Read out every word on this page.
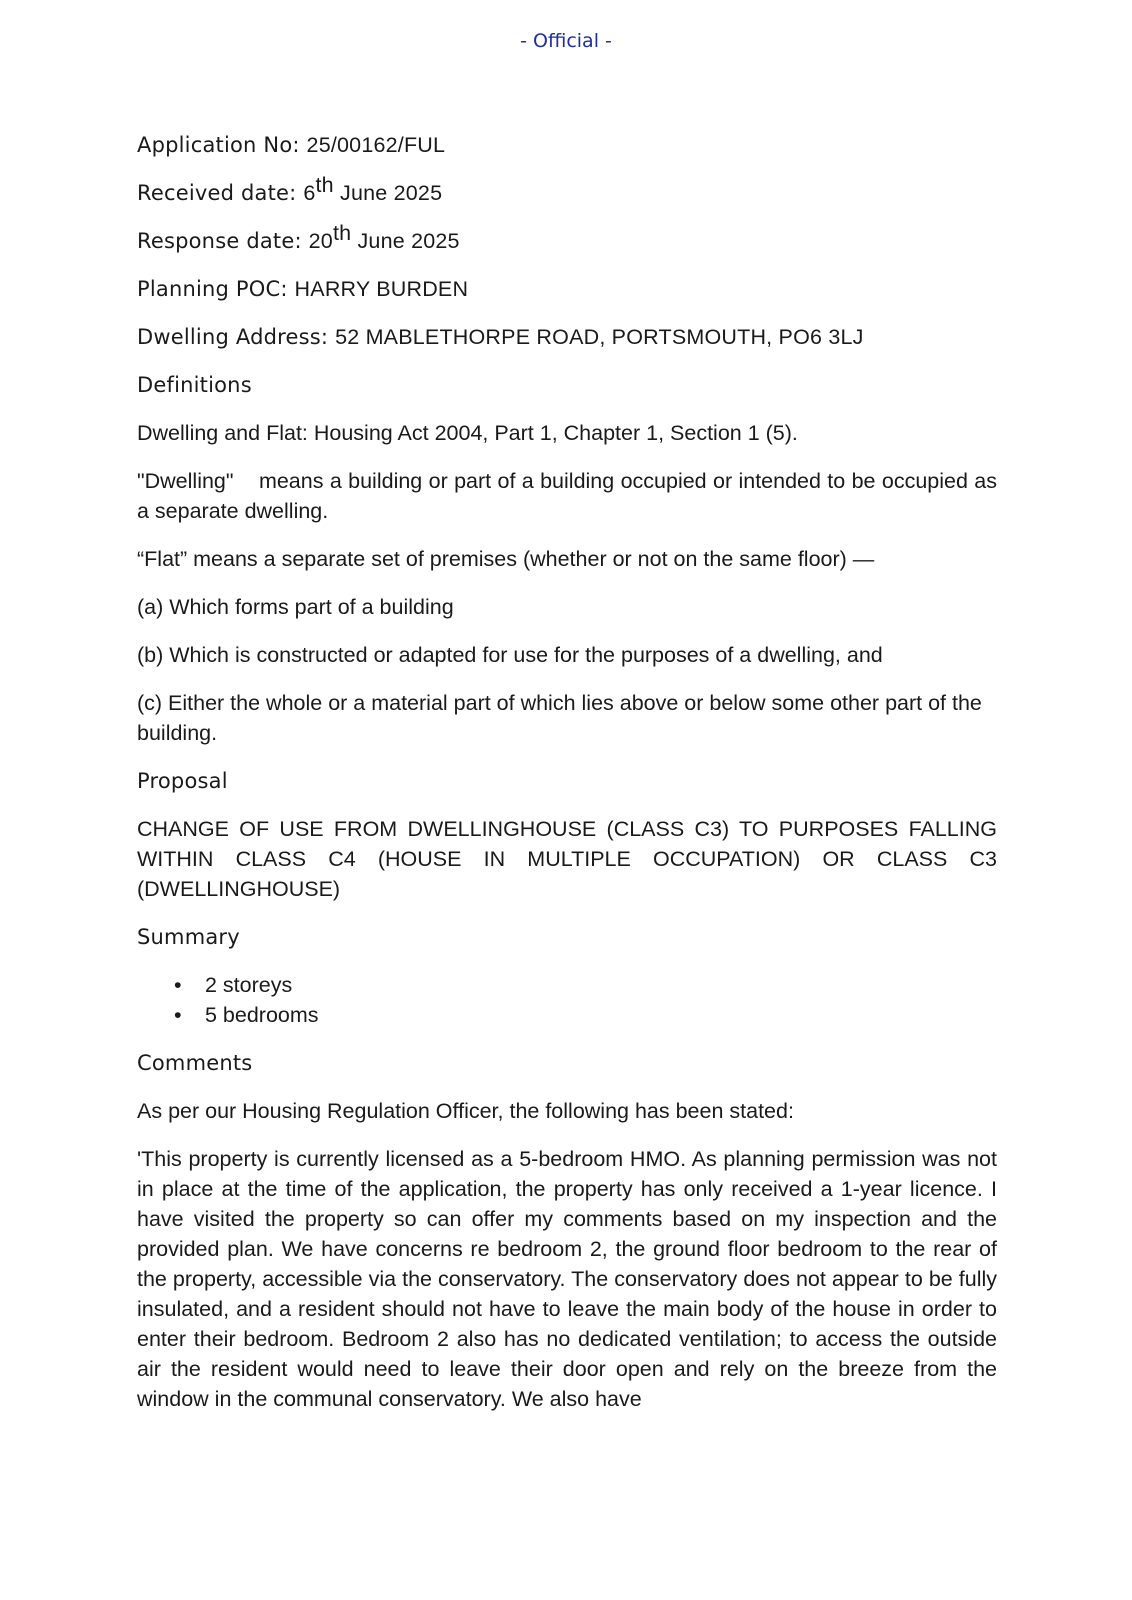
- Official -

Application No: 25/00162/FUL

Received date: 6th June 2025

Response date: 20th June 2025

Planning POC: HARRY BURDEN

Dwelling Address: 52 MABLETHORPE ROAD, PORTSMOUTH, PO6 3LJ

Definitions

Dwelling and Flat: Housing Act 2004, Part 1, Chapter 1, Section 1 (5).

"Dwelling"    means a building or part of a building occupied or intended to be occupied as a separate dwelling.

“Flat” means a separate set of premises (whether or not on the same floor) —

(a) Which forms part of a building

(b) Which is constructed or adapted for use for the purposes of a dwelling, and

(c) Either the whole or a material part of which lies above or below some other part of the building.

Proposal

CHANGE OF USE FROM DWELLINGHOUSE (CLASS C3) TO PURPOSES FALLING WITHIN CLASS C4 (HOUSE IN MULTIPLE OCCUPATION) OR CLASS C3 (DWELLINGHOUSE)

Summary

• 2 storeys
• 5 bedrooms

Comments

As per our Housing Regulation Officer, the following has been stated:

'This property is currently licensed as a 5-bedroom HMO. As planning permission was not in place at the time of the application, the property has only received a 1-year licence. I have visited the property so can offer my comments based on my inspection and the provided plan. We have concerns re bedroom 2, the ground floor bedroom to the rear of the property, accessible via the conservatory. The conservatory does not appear to be fully insulated, and a resident should not have to leave the main body of the house in order to enter their bedroom. Bedroom 2 also has no dedicated ventilation; to access the outside air the resident would need to leave their door open and rely on the breeze from the window in the communal conservatory. We also have
